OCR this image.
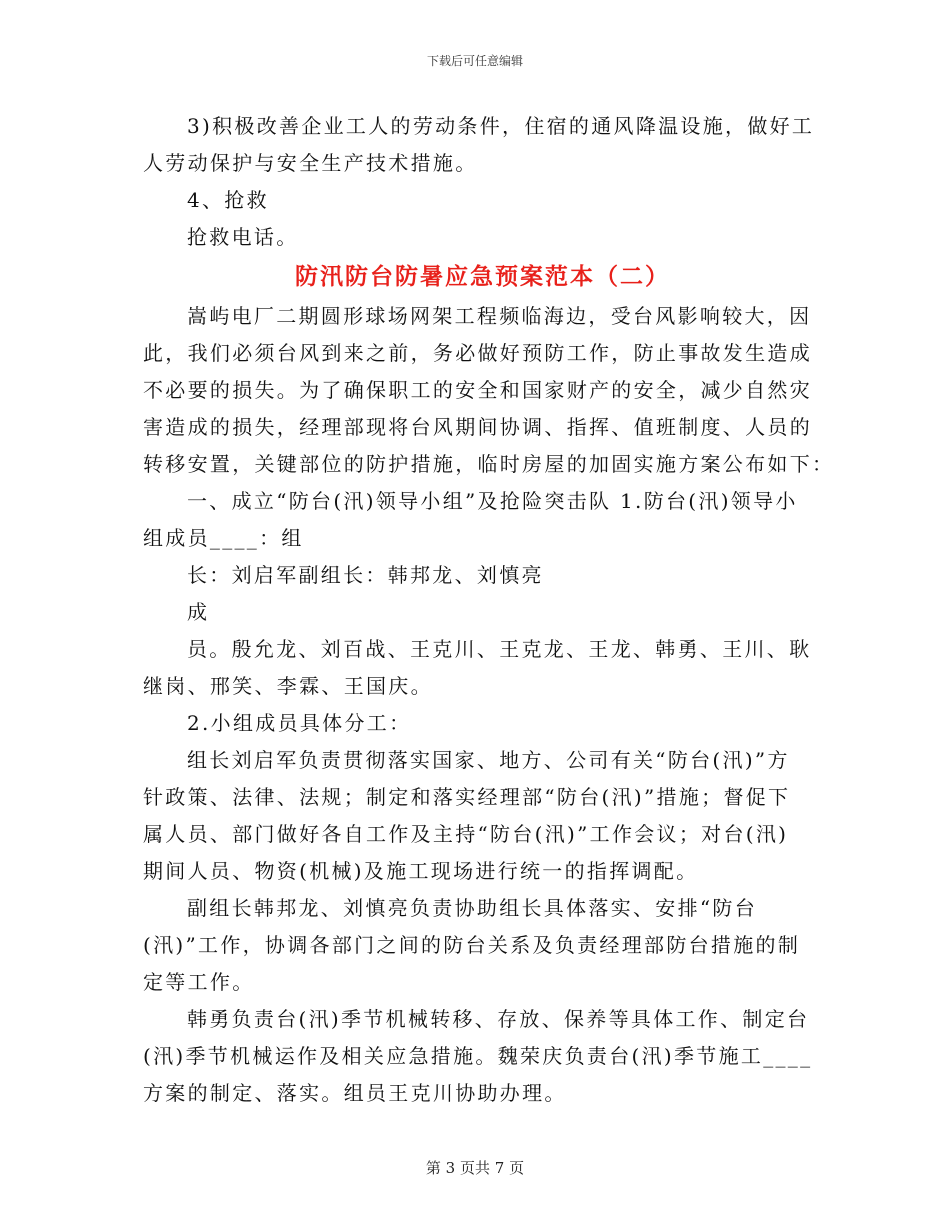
下载后可任意编辑
3)积极改善企业工人的劳动条件，住宿的通风降温设施，做好工
人劳动保护与安全生产技术措施。
4、抢救
抢救电话。
防汛防台防暑应急预案范本（二）
嵩屿电厂二期圆形球场网架工程频临海边，受台风影响较大，因
此，我们必须台风到来之前，务必做好预防工作，防止事故发生造成
不必要的损失。为了确保职工的安全和国家财产的安全，减少自然灾
害造成的损失，经理部现将台风期间协调、指挥、值班制度、人员的
转移安置，关键部位的防护措施，临时房屋的加固实施方案公布如下：
一、成立“防台(汛)领导小组”及抢险突击队 1.防台(汛)领导小
组成员____：组
长：刘启军副组长：韩邦龙、刘慎亮
成
员。殷允龙、刘百战、王克川、王克龙、王龙、韩勇、王川、耿
继岗、邢笑、李霖、王国庆。
2.小组成员具体分工：
组长刘启军负责贯彻落实国家、地方、公司有关“防台(汛)”方
针政策、法律、法规；制定和落实经理部“防台(汛)”措施；督促下
属人员、部门做好各自工作及主持“防台(汛)”工作会议；对台(汛)
期间人员、物资(机械)及施工现场进行统一的指挥调配。
副组长韩邦龙、刘慎亮负责协助组长具体落实、安排“防台
(汛)”工作，协调各部门之间的防台关系及负责经理部防台措施的制
定等工作。
韩勇负责台(汛)季节机械转移、存放、保养等具体工作、制定台
(汛)季节机械运作及相关应急措施。魏荣庆负责台(汛)季节施工____
方案的制定、落实。组员王克川协助办理。
第 3 页共 7 页
